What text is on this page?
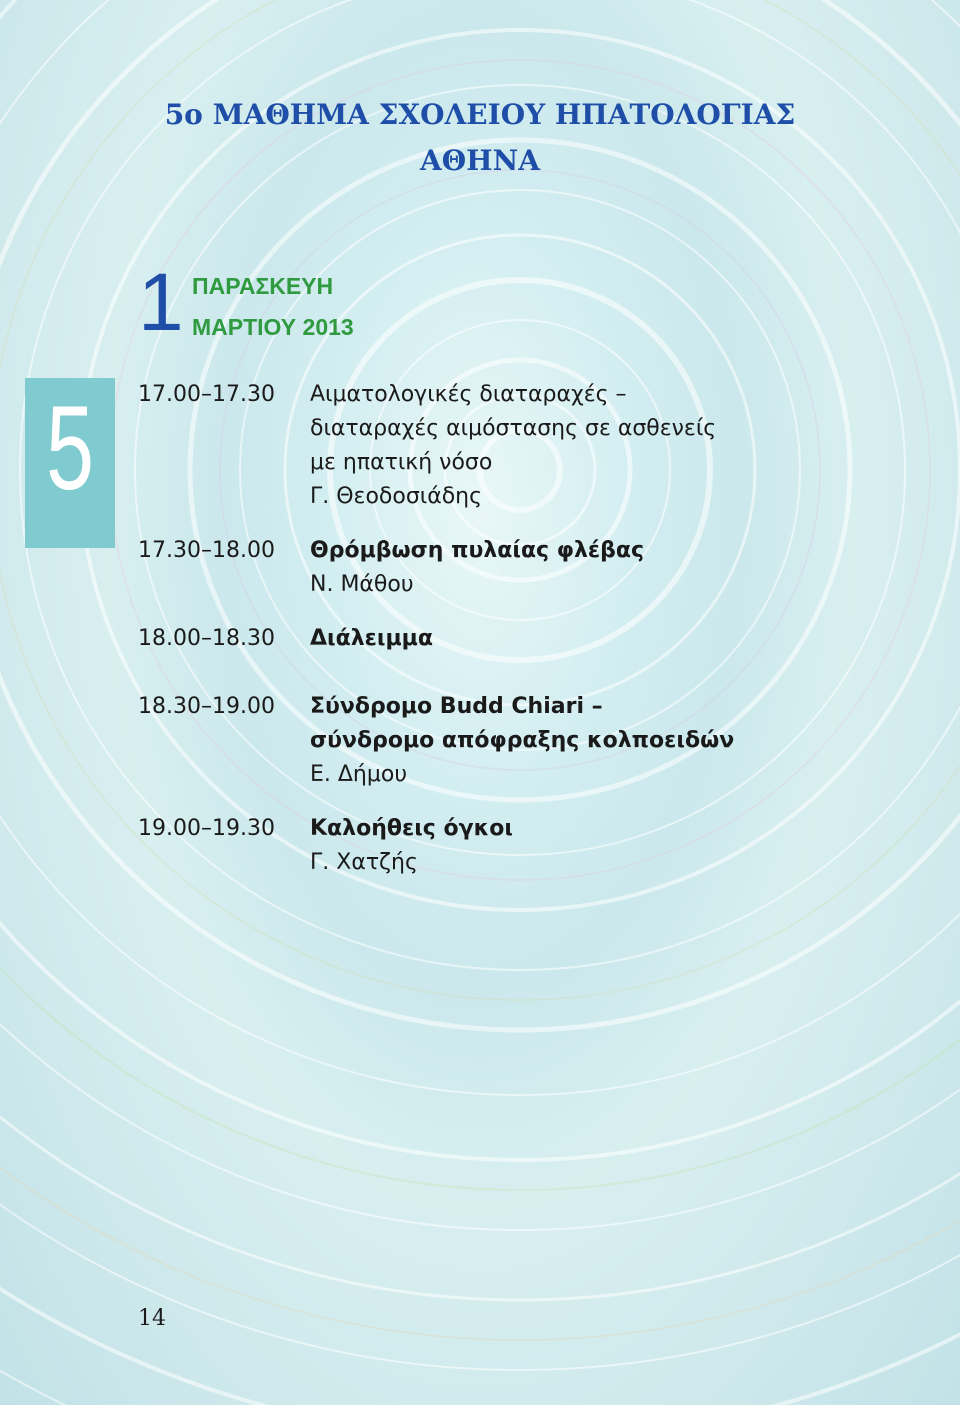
5ο ΜΑΘΗΜΑ ΣΧΟΛΕΙΟΥ ΗΠΑΤΟΛΟΓΙΑΣ
ΑΘΗΝΑ
1 ΠΑΡΑΣΚΕΥΗ
ΜΑΡΤΙΟΥ 2013
5	17.00–17.30 Αιματολογικές διαταραχές –
διαταραχές αιμόστασης σε ασθενείς
με ηπατική νόσο
Γ. Θεοδοσιάδης
17.30–18.00 Θρόμβωση πυλαίας φλέβας
Ν. Μάθου
18.00–18.30 Διάλειμμα
18.30–19.00 Σύνδρομο Budd Chiari –
σύνδρομο απόφραξης κολποειδών
Ε. Δήμου
19.00–19.30 Καλοήθεις όγκοι
Γ. Χατζής
14
